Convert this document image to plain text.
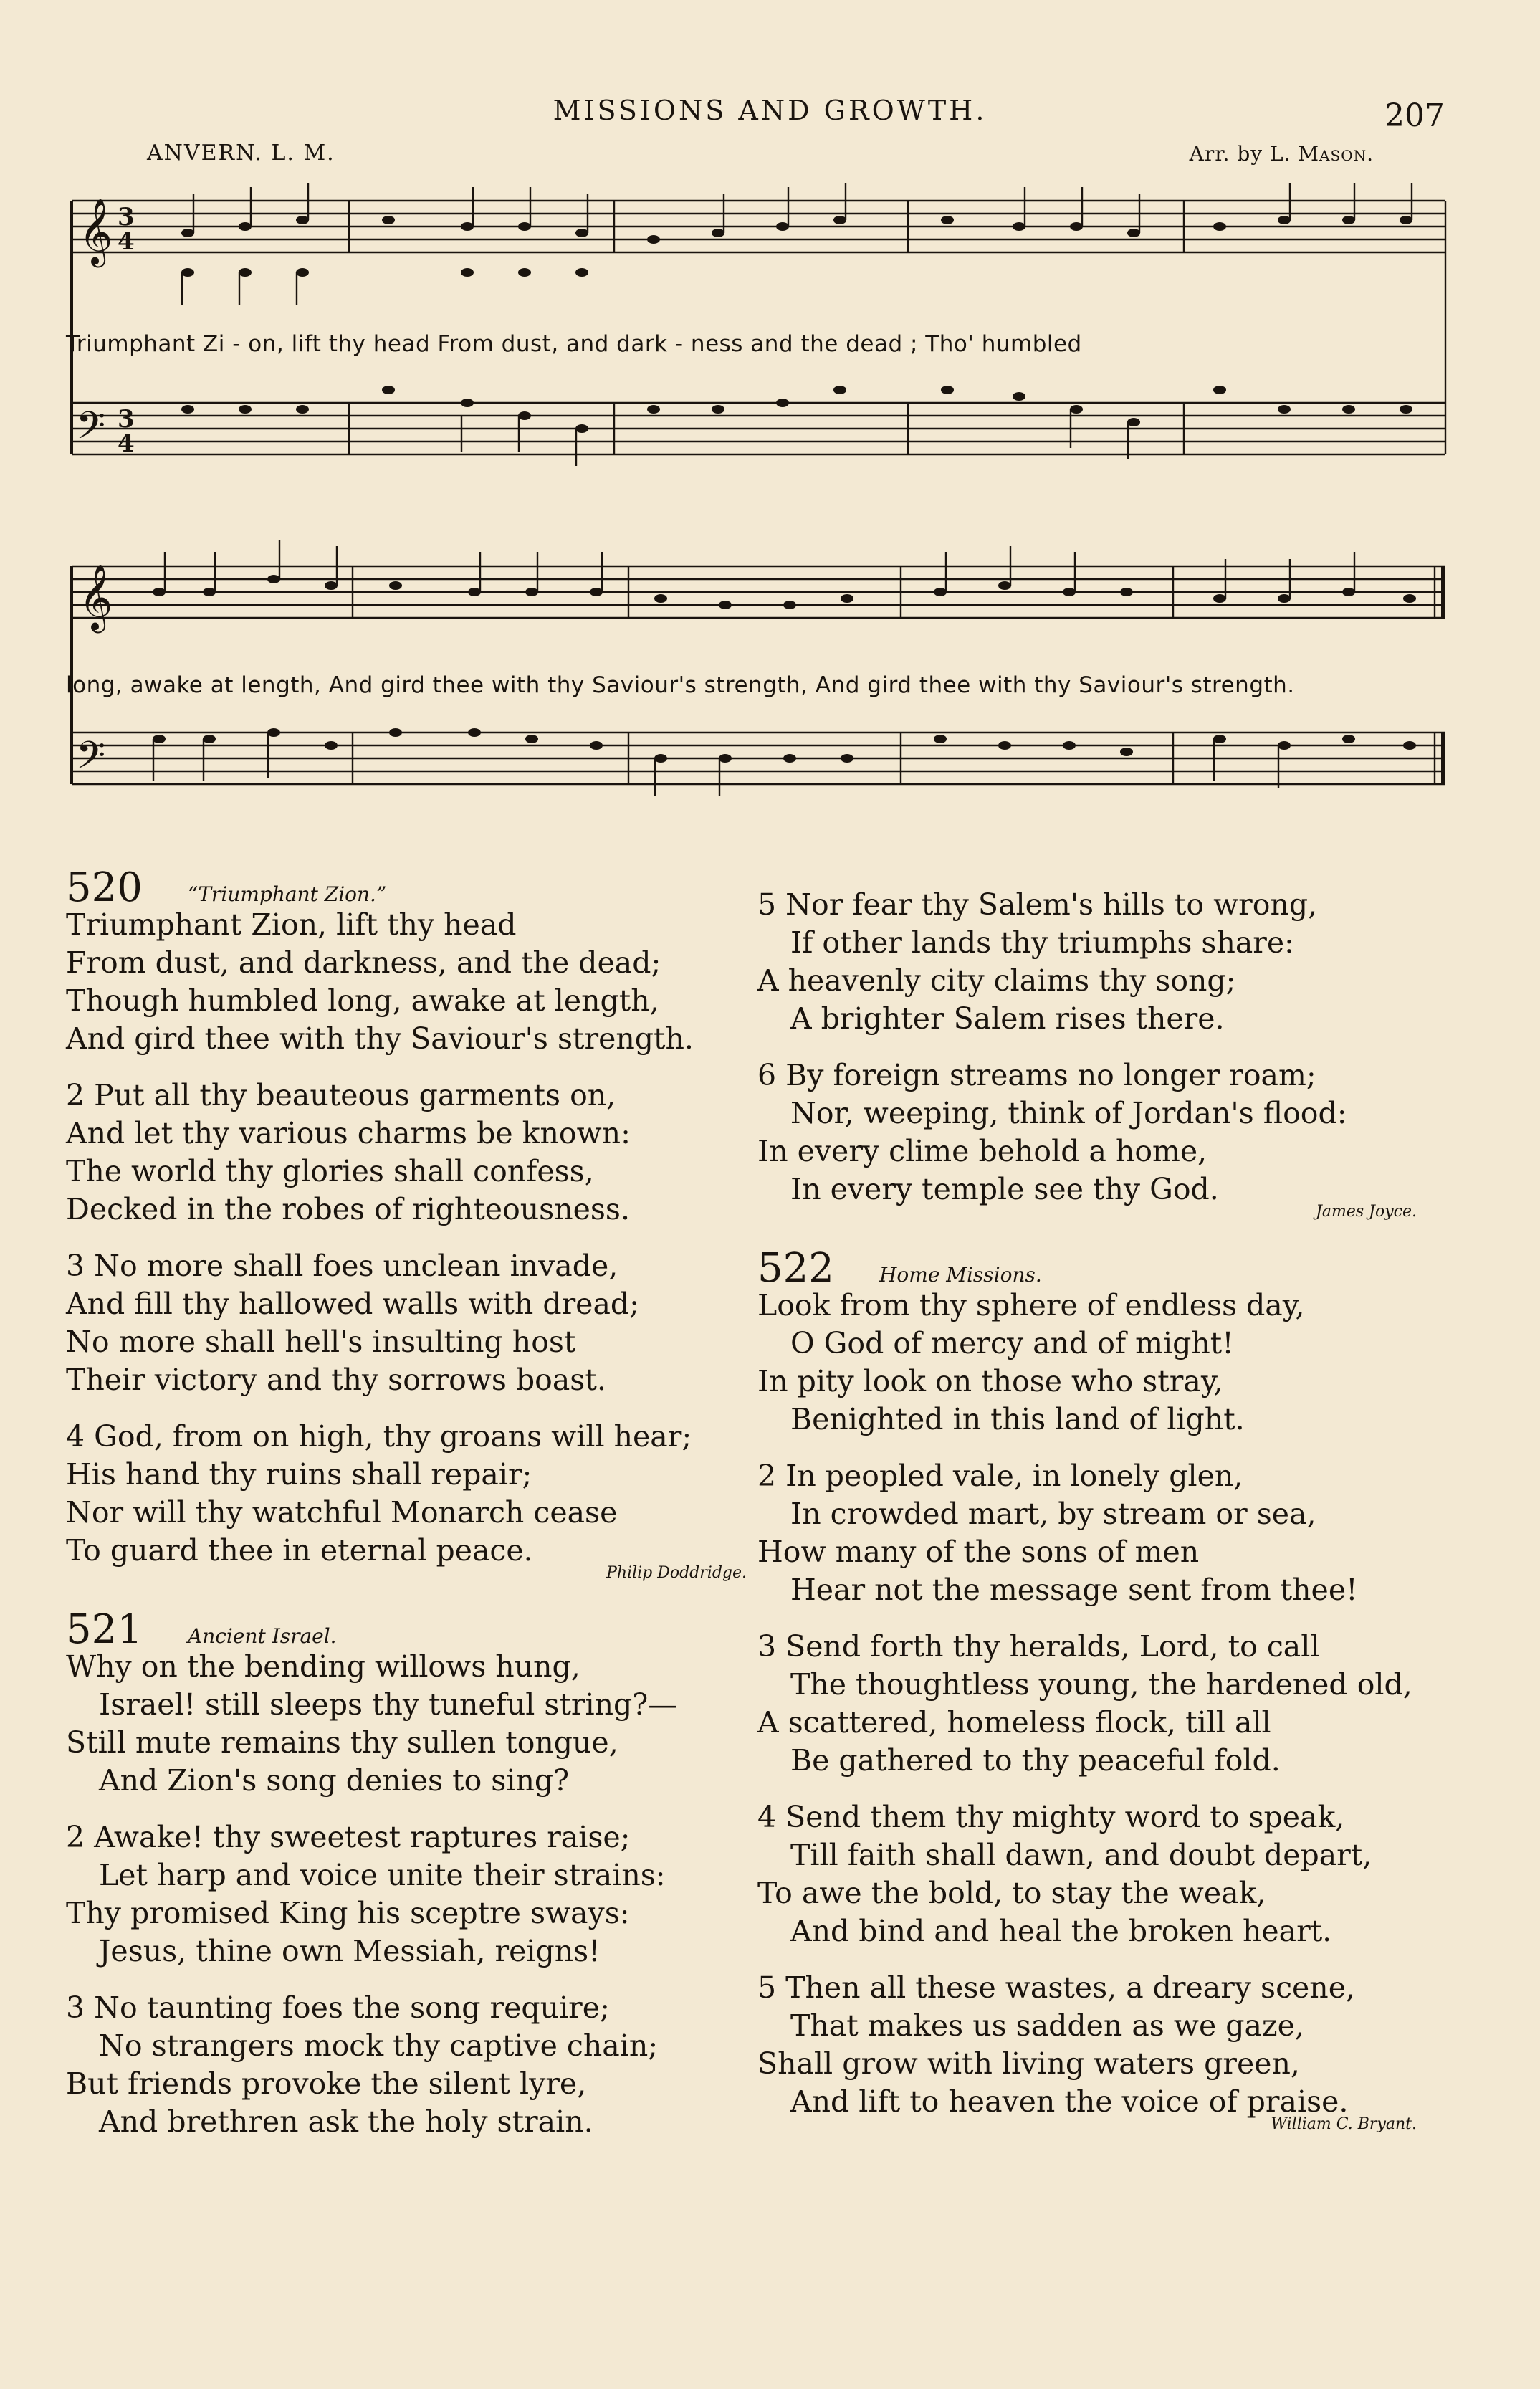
MISSIONS AND GROWTH.	207
ANVERN. L. M.	Arr. by L. Mason.
𝄞
𝄢
3
4
3
4
Triumphant Zi - on, lift thy head From dust, and dark - ness and the dead ; Tho' humbled
𝄞
𝄢
long, awake at length, And gird thee with thy Saviour's strength, And gird thee with thy Saviour's strength.
520	“Triumphant Zion.”
Triumphant Zion, lift thy head
From dust, and darkness, and the dead;
Though humbled long, awake at length,
And gird thee with thy Saviour's strength.
2 Put all thy beauteous garments on,
And let thy various charms be known:
The world thy glories shall confess,
Decked in the robes of righteousness.
3 No more shall foes unclean invade,
And fill thy hallowed walls with dread;
No more shall hell's insulting host
Their victory and thy sorrows boast.
4 God, from on high, thy groans will hear;
His hand thy ruins shall repair;
Nor will thy watchful Monarch cease
To guard thee in eternal peace.
Philip Doddridge.
521	Ancient Israel.
Why on the bending willows hung,
Israel! still sleeps thy tuneful string?—
Still mute remains thy sullen tongue,
And Zion's song denies to sing?
2 Awake! thy sweetest raptures raise;
Let harp and voice unite their strains:
Thy promised King his sceptre sways:
Jesus, thine own Messiah, reigns!
3 No taunting foes the song require;
No strangers mock thy captive chain;
But friends provoke the silent lyre,
And brethren ask the holy strain.
5 Nor fear thy Salem's hills to wrong,
If other lands thy triumphs share:
A heavenly city claims thy song;
A brighter Salem rises there.
6 By foreign streams no longer roam;
Nor, weeping, think of Jordan's flood:
In every clime behold a home,
In every temple see thy God.
James Joyce.
522	Home Missions.
Look from thy sphere of endless day,
O God of mercy and of might!
In pity look on those who stray,
Benighted in this land of light.
2 In peopled vale, in lonely glen,
In crowded mart, by stream or sea,
How many of the sons of men
Hear not the message sent from thee!
3 Send forth thy heralds, Lord, to call
The thoughtless young, the hardened old,
A scattered, homeless flock, till all
Be gathered to thy peaceful fold.
4 Send them thy mighty word to speak,
Till faith shall dawn, and doubt depart,
To awe the bold, to stay the weak,
And bind and heal the broken heart.
5 Then all these wastes, a dreary scene,
That makes us sadden as we gaze,
Shall grow with living waters green,
And lift to heaven the voice of praise.
William C. Bryant.
